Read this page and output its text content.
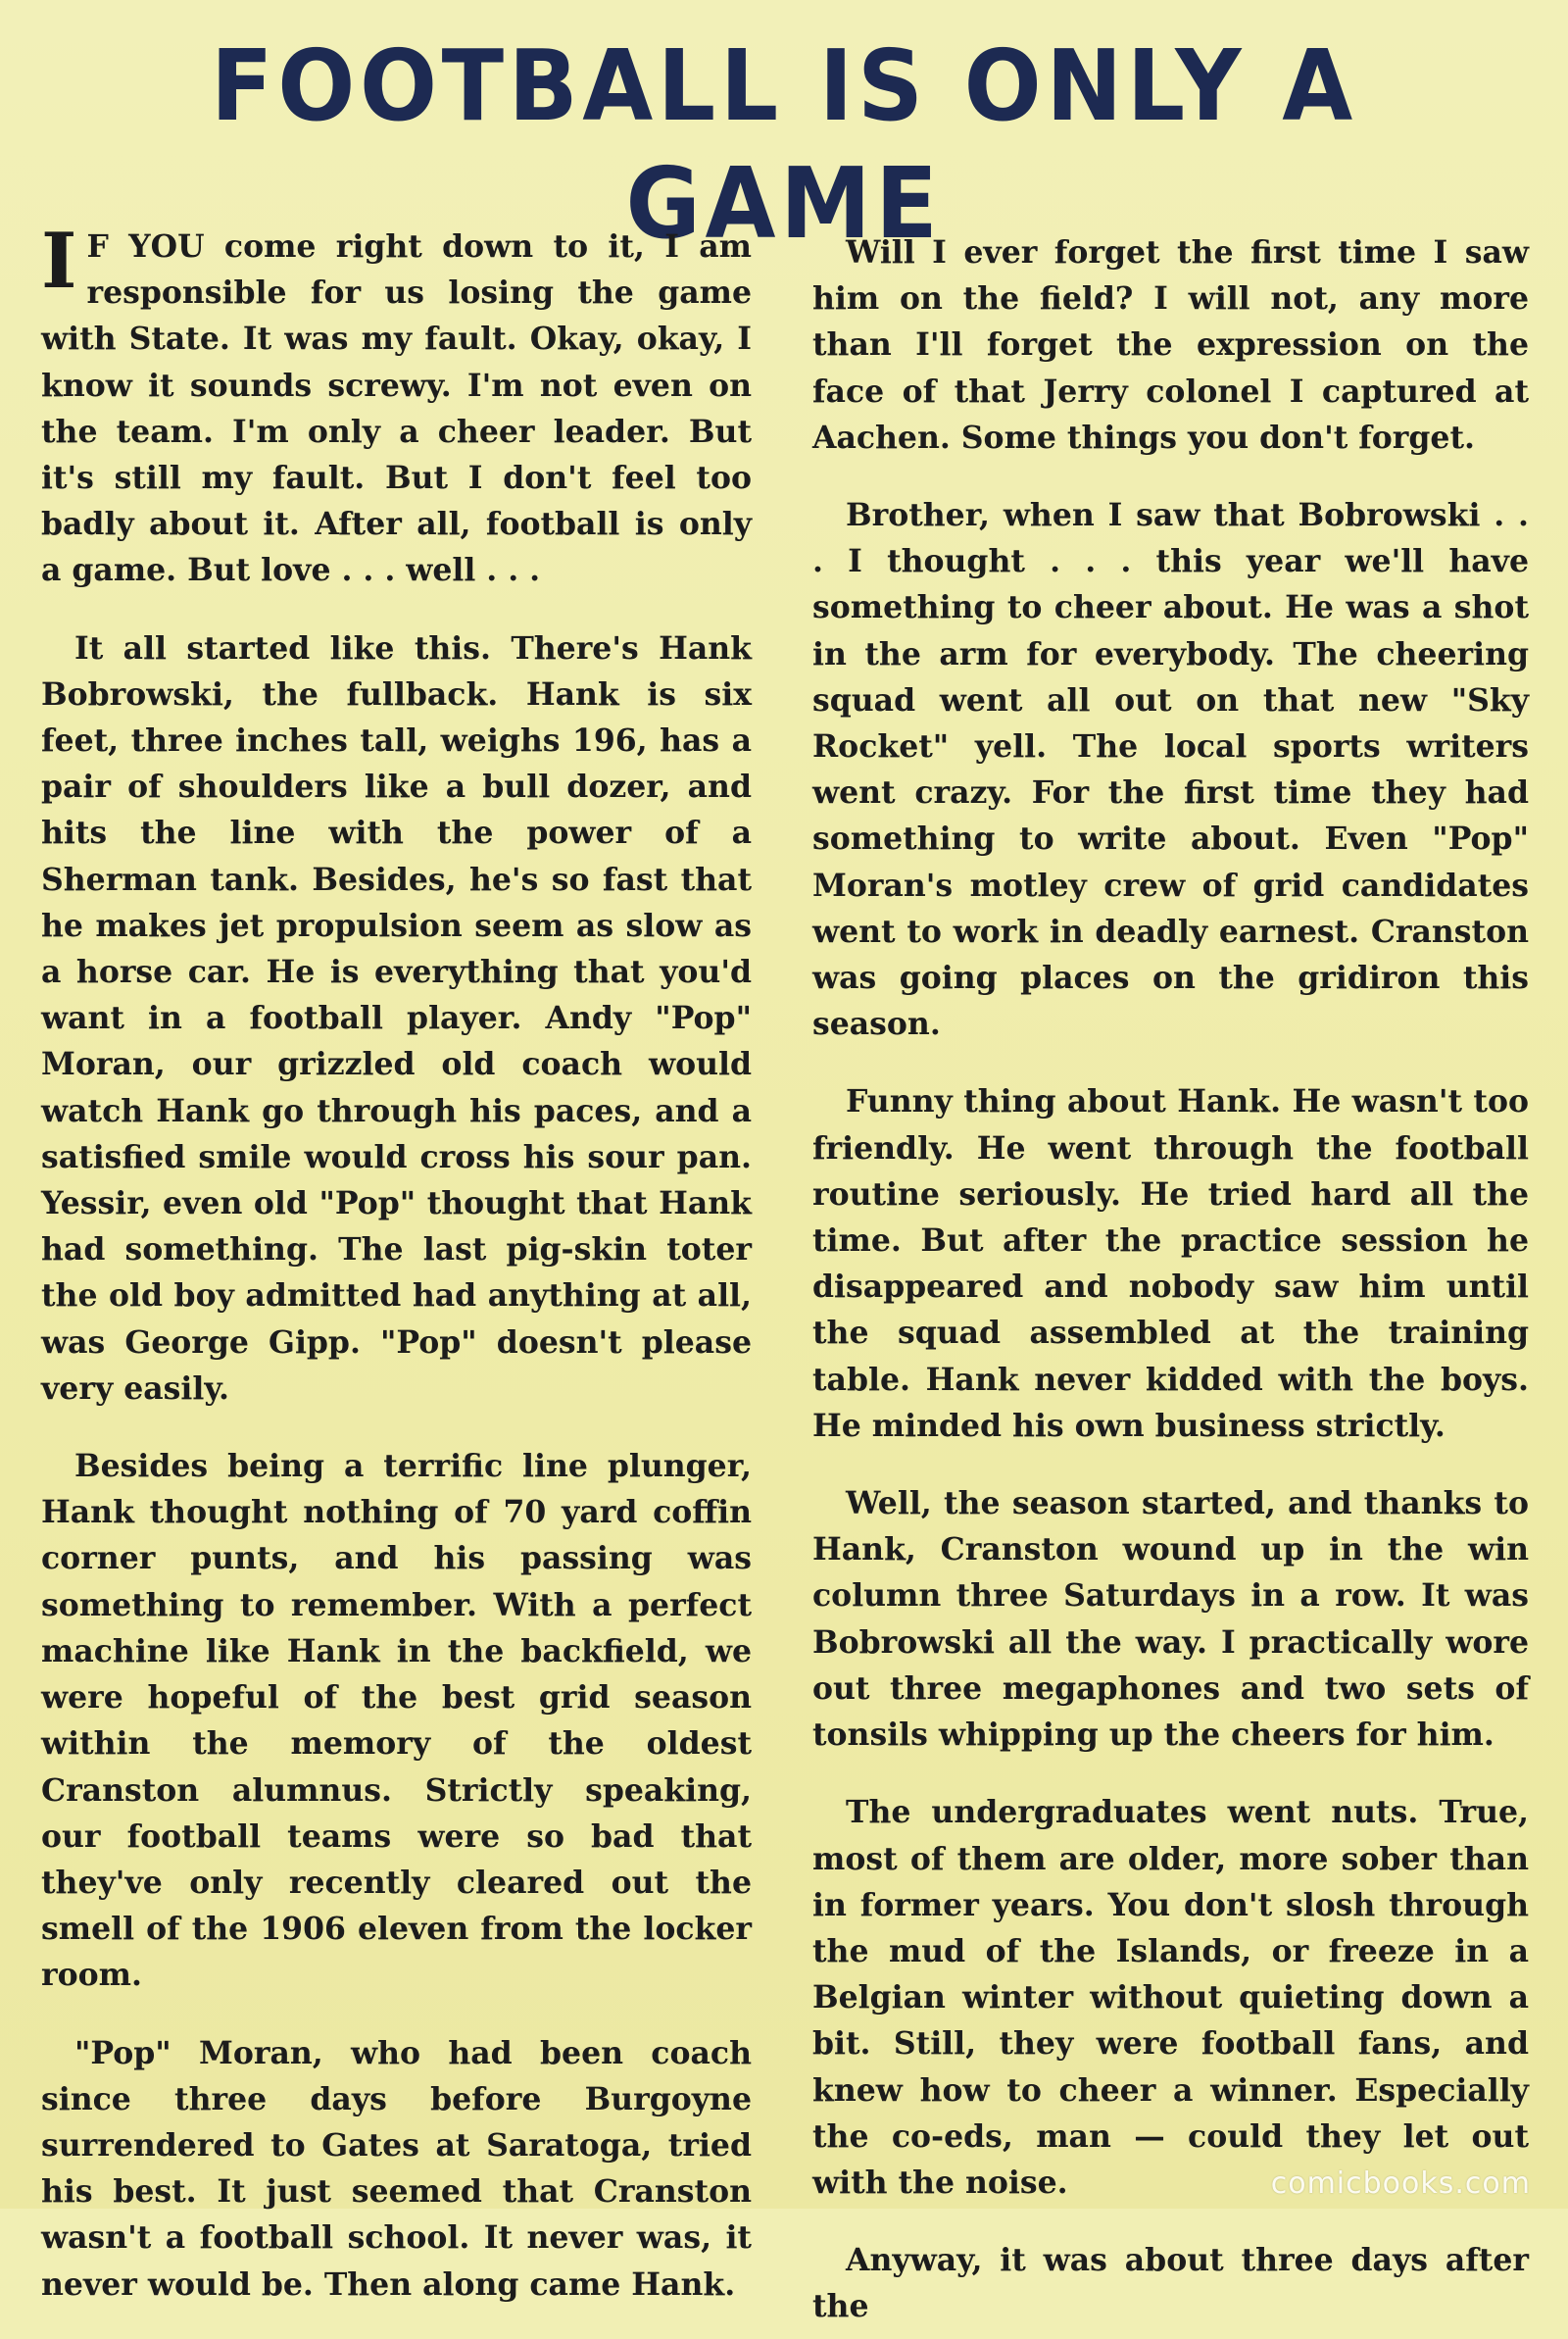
FOOTBALL IS ONLY A GAME

I F YOU come right down to it, I am responsible for us losing the game with State. It was my fault. Okay, okay, I know it sounds screwy. I'm not even on the team. I'm only a cheer leader. But it's still my fault. But I don't feel too badly about it. After all, football is only a game. But love . . . well . . .

It all started like this. There's Hank Bobrowski, the fullback. Hank is six feet, three inches tall, weighs 196, has a pair of shoulders like a bull dozer, and hits the line with the power of a Sherman tank. Besides, he's so fast that he makes jet propulsion seem as slow as a horse car. He is everything that you'd want in a football player. Andy "Pop" Moran, our grizzled old coach would watch Hank go through his paces, and a satisfied smile would cross his sour pan. Yessir, even old "Pop" thought that Hank had something. The last pig-skin toter the old boy admitted had anything at all, was George Gipp. "Pop" doesn't please very easily.

Besides being a terrific line plunger, Hank thought nothing of 70 yard coffin corner punts, and his passing was something to remember. With a perfect machine like Hank in the backfield, we were hopeful of the best grid season within the memory of the oldest Cranston alumnus. Strictly speaking, our football teams were so bad that they've only recently cleared out the smell of the 1906 eleven from the locker room.

"Pop" Moran, who had been coach since three days before Burgoyne surrendered to Gates at Saratoga, tried his best. It just seemed that Cranston wasn't a football school. It never was, it never would be. Then along came Hank.

Will I ever forget the first time I saw him on the field? I will not, any more than I'll forget the expression on the face of that Jerry colonel I captured at Aachen. Some things you don't forget.

Brother, when I saw that Bobrowski . . . I thought . . . this year we'll have something to cheer about. He was a shot in the arm for everybody. The cheering squad went all out on that new "Sky Rocket" yell. The local sports writers went crazy. For the first time they had something to write about. Even "Pop" Moran's motley crew of grid candidates went to work in deadly earnest. Cranston was going places on the gridiron this season.

Funny thing about Hank. He wasn't too friendly. He went through the football routine seriously. He tried hard all the time. But after the practice session he disappeared and nobody saw him until the squad assembled at the training table. Hank never kidded with the boys. He minded his own business strictly.

Well, the season started, and thanks to Hank, Cranston wound up in the win column three Saturdays in a row. It was Bobrowski all the way. I practically wore out three megaphones and two sets of tonsils whipping up the cheers for him.

The undergraduates went nuts. True, most of them are older, more sober than in former years. You don't slosh through the mud of the Islands, or freeze in a Belgian winter without quieting down a bit. Still, they were football fans, and knew how to cheer a winner. Especially the co-eds, man — could they let out with the noise.

Anyway, it was about three days after the

comicbooks.com
